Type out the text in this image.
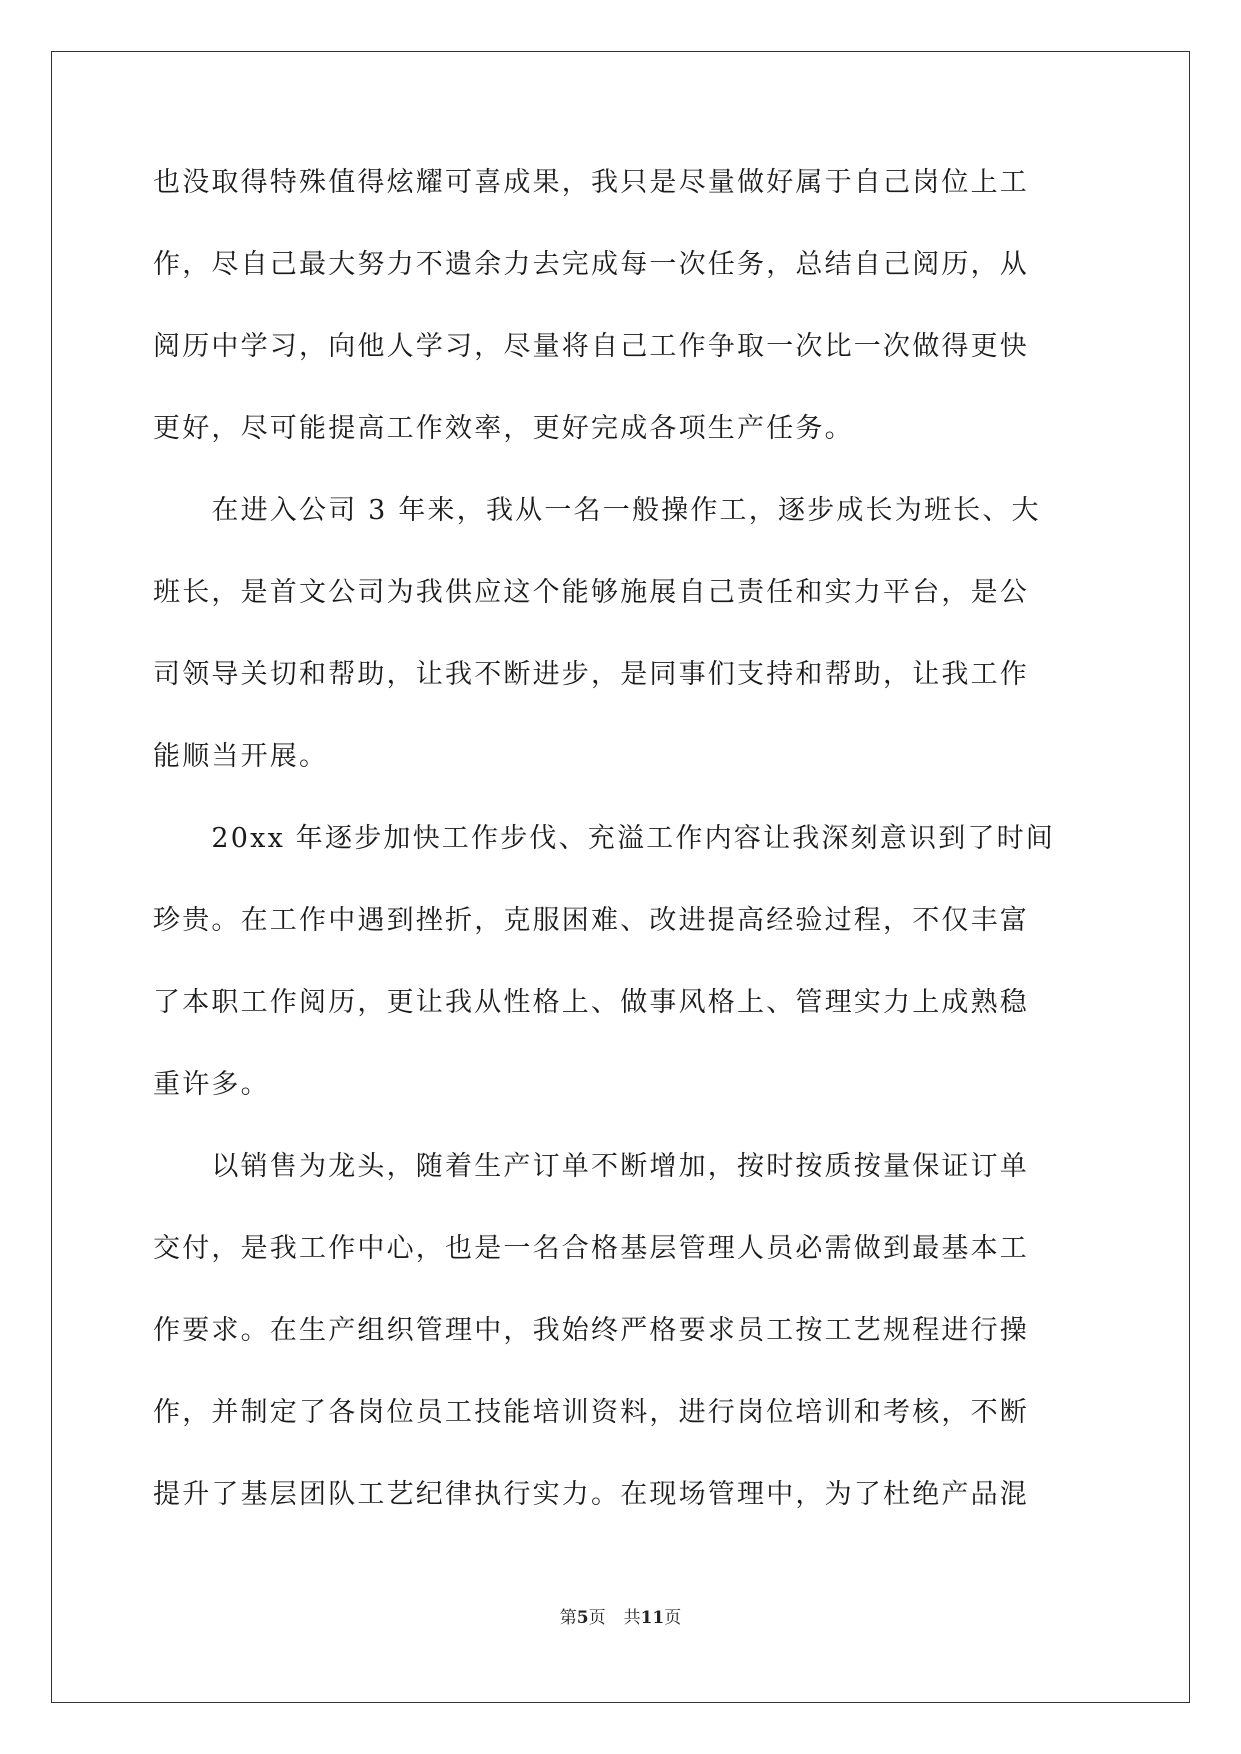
也没取得特殊值得炫耀可喜成果，我只是尽量做好属于自己岗位上工
作，尽自己最大努力不遗余力去完成每一次任务，总结自己阅历，从
阅历中学习，向他人学习，尽量将自己工作争取一次比一次做得更快
更好，尽可能提高工作效率，更好完成各项生产任务。
　　在进入公司 3 年来，我从一名一般操作工，逐步成长为班长、大
班长，是首文公司为我供应这个能够施展自己责任和实力平台，是公
司领导关切和帮助，让我不断进步，是同事们支持和帮助，让我工作
能顺当开展。
　　20xx 年逐步加快工作步伐、充溢工作内容让我深刻意识到了时间
珍贵。在工作中遇到挫折，克服困难、改进提高经验过程，不仅丰富
了本职工作阅历，更让我从性格上、做事风格上、管理实力上成熟稳
重许多。
　　以销售为龙头，随着生产订单不断增加，按时按质按量保证订单
交付，是我工作中心，也是一名合格基层管理人员必需做到最基本工
作要求。在生产组织管理中，我始终严格要求员工按工艺规程进行操
作，并制定了各岗位员工技能培训资料，进行岗位培训和考核，不断
提升了基层团队工艺纪律执行实力。在现场管理中，为了杜绝产品混
第5页 共11页
